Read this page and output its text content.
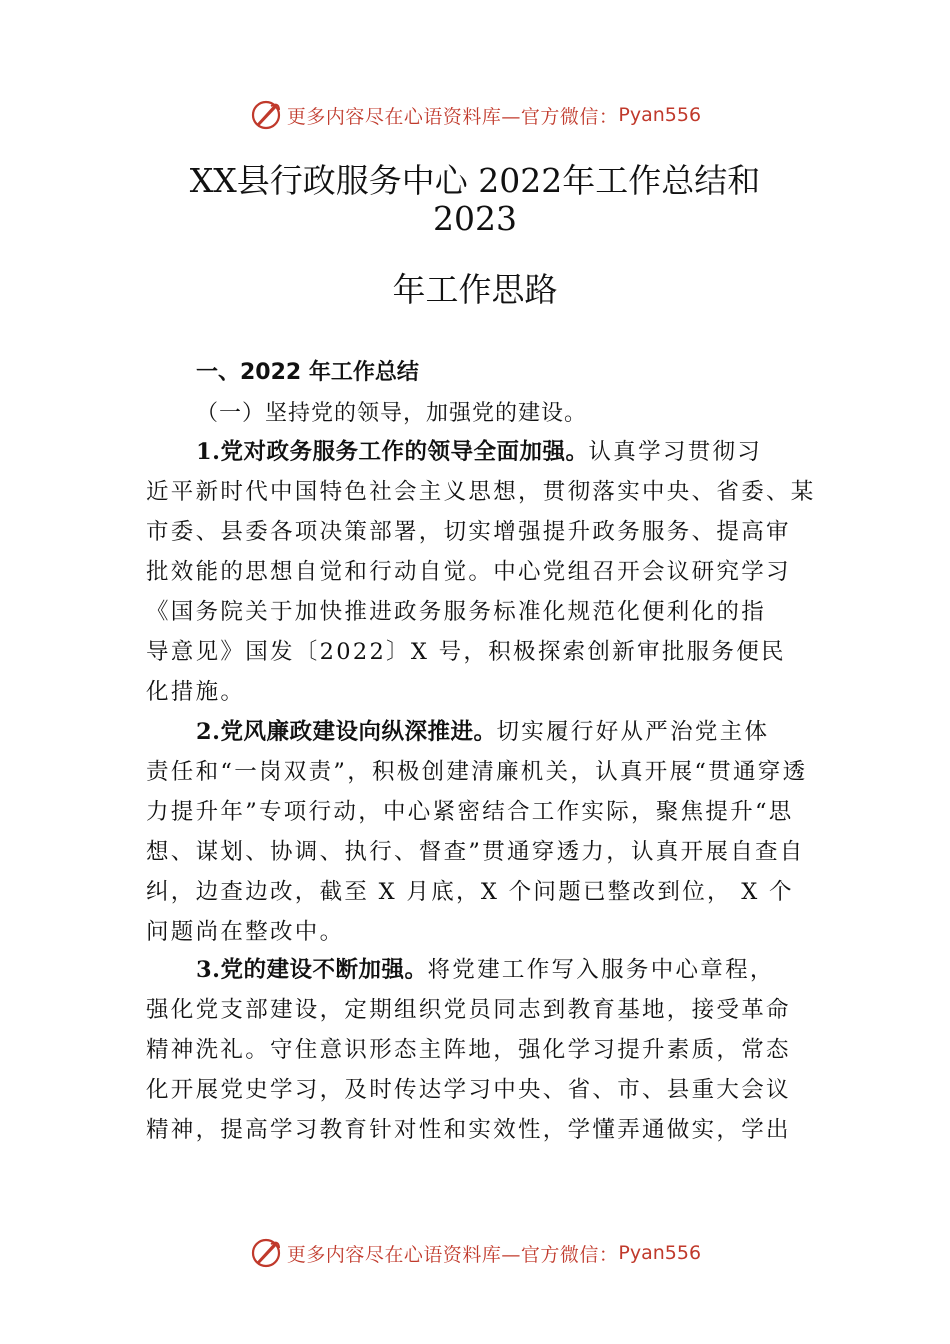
更多内容尽在心语资料库—官方微信： Pyan556
XX县行政服务中心 2022年工作总结和
2023
年工作思路
一、2022 年工作总结
（一）坚持党的领导，加强党的建设。
1.党对政务服务工作的领导全面加强。认真学习贯彻习
近平新时代中国特色社会主义思想，贯彻落实中央、省委、某
市委、县委各项决策部署，切实增强提升政务服务、提高审
批效能的思想自觉和行动自觉。中心党组召开会议研究学习
《国务院关于加快推进政务服务标准化规范化便利化的指
导意见》国发〔2022〕X 号，积极探索创新审批服务便民
化措施。
2.党风廉政建设向纵深推进。切实履行好从严治党主体
责任和“一岗双责”，积极创建清廉机关，认真开展“贯通穿透
力提升年”专项行动，中心紧密结合工作实际，聚焦提升“思
想、谋划、协调、执行、督查”贯通穿透力，认真开展自查自
纠，边查边改，截至 X 月底，X 个问题已整改到位， X 个
问题尚在整改中。
3.党的建设不断加强。将党建工作写入服务中心章程，
强化党支部建设，定期组织党员同志到教育基地，接受革命
精神洗礼。守住意识形态主阵地，强化学习提升素质，常态
化开展党史学习，及时传达学习中央、省、市、县重大会议
精神，提高学习教育针对性和实效性，学懂弄通做实，学出
更多内容尽在心语资料库—官方微信： Pyan556
